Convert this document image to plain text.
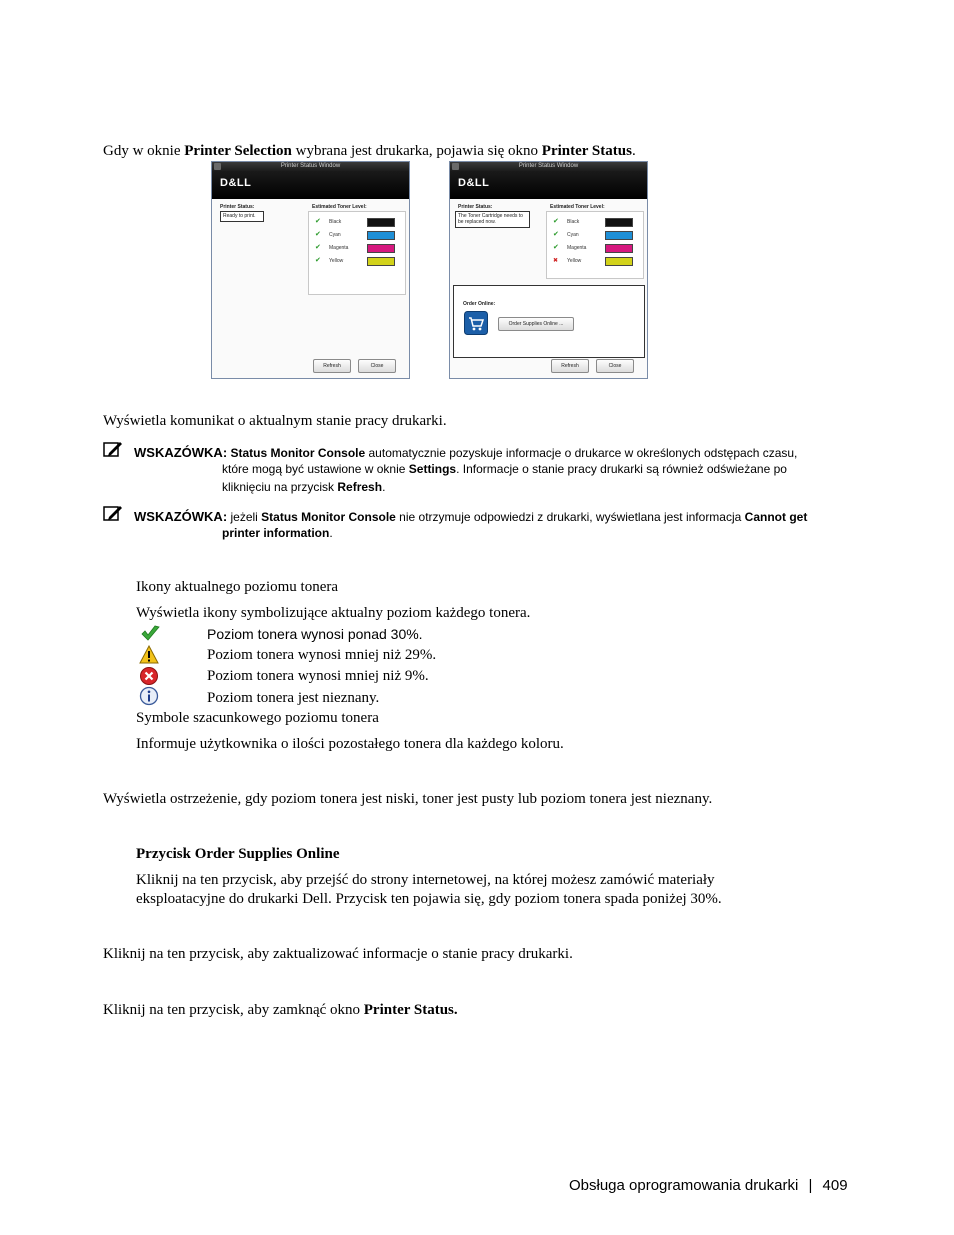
Gdy w oknie Printer Selection wybrana jest drukarka, pojawia się okno Printer Status.
Printer Status Window
D&LL
Printer Status:
Ready to print.
Estimated Toner Level:
✔ Black
✔ Cyan
✔ Magenta
✔ Yellow
Refresh	Close
Printer Status Window
D&LL
Printer Status:
The Toner Cartridge needs to be replaced now.
Estimated Toner Level:
✔ Black
✔ Cyan
✔ Magenta
✖ Yellow
Order Online:
Order Supplies Online ...
Refresh	Close
Wyświetla komunikat o aktualnym stanie pracy drukarki.
WSKAZÓWKA: Status Monitor Console automatycznie pozyskuje informacje o drukarce w określonych odstępach czasu,
które mogą być ustawione w oknie Settings. Informacje o stanie pracy drukarki są również odświeżane po
kliknięciu na przycisk Refresh.
WSKAZÓWKA: jeżeli Status Monitor Console nie otrzymuje odpowiedzi z drukarki, wyświetlana jest informacja Cannot get
printer information.
Ikony aktualnego poziomu tonera
Wyświetla ikony symbolizujące aktualny poziom każdego tonera.
Poziom tonera wynosi ponad 30%.
Poziom tonera wynosi mniej niż 29%.
Poziom tonera wynosi mniej niż 9%.
Poziom tonera jest nieznany.
Symbole szacunkowego poziomu tonera
Informuje użytkownika o ilości pozostałego tonera dla każdego koloru.
Wyświetla ostrzeżenie, gdy poziom tonera jest niski, toner jest pusty lub poziom tonera jest nieznany.
Przycisk Order Supplies Online
Kliknij na ten przycisk, aby przejść do strony internetowej, na której możesz zamówić materiały
eksploatacyjne do drukarki Dell. Przycisk ten pojawia się, gdy poziom tonera spada poniżej 30%.
Kliknij na ten przycisk, aby zaktualizować informacje o stanie pracy drukarki.
Kliknij na ten przycisk, aby zamknąć okno Printer Status.
Obsługa oprogramowania drukarki | 409
